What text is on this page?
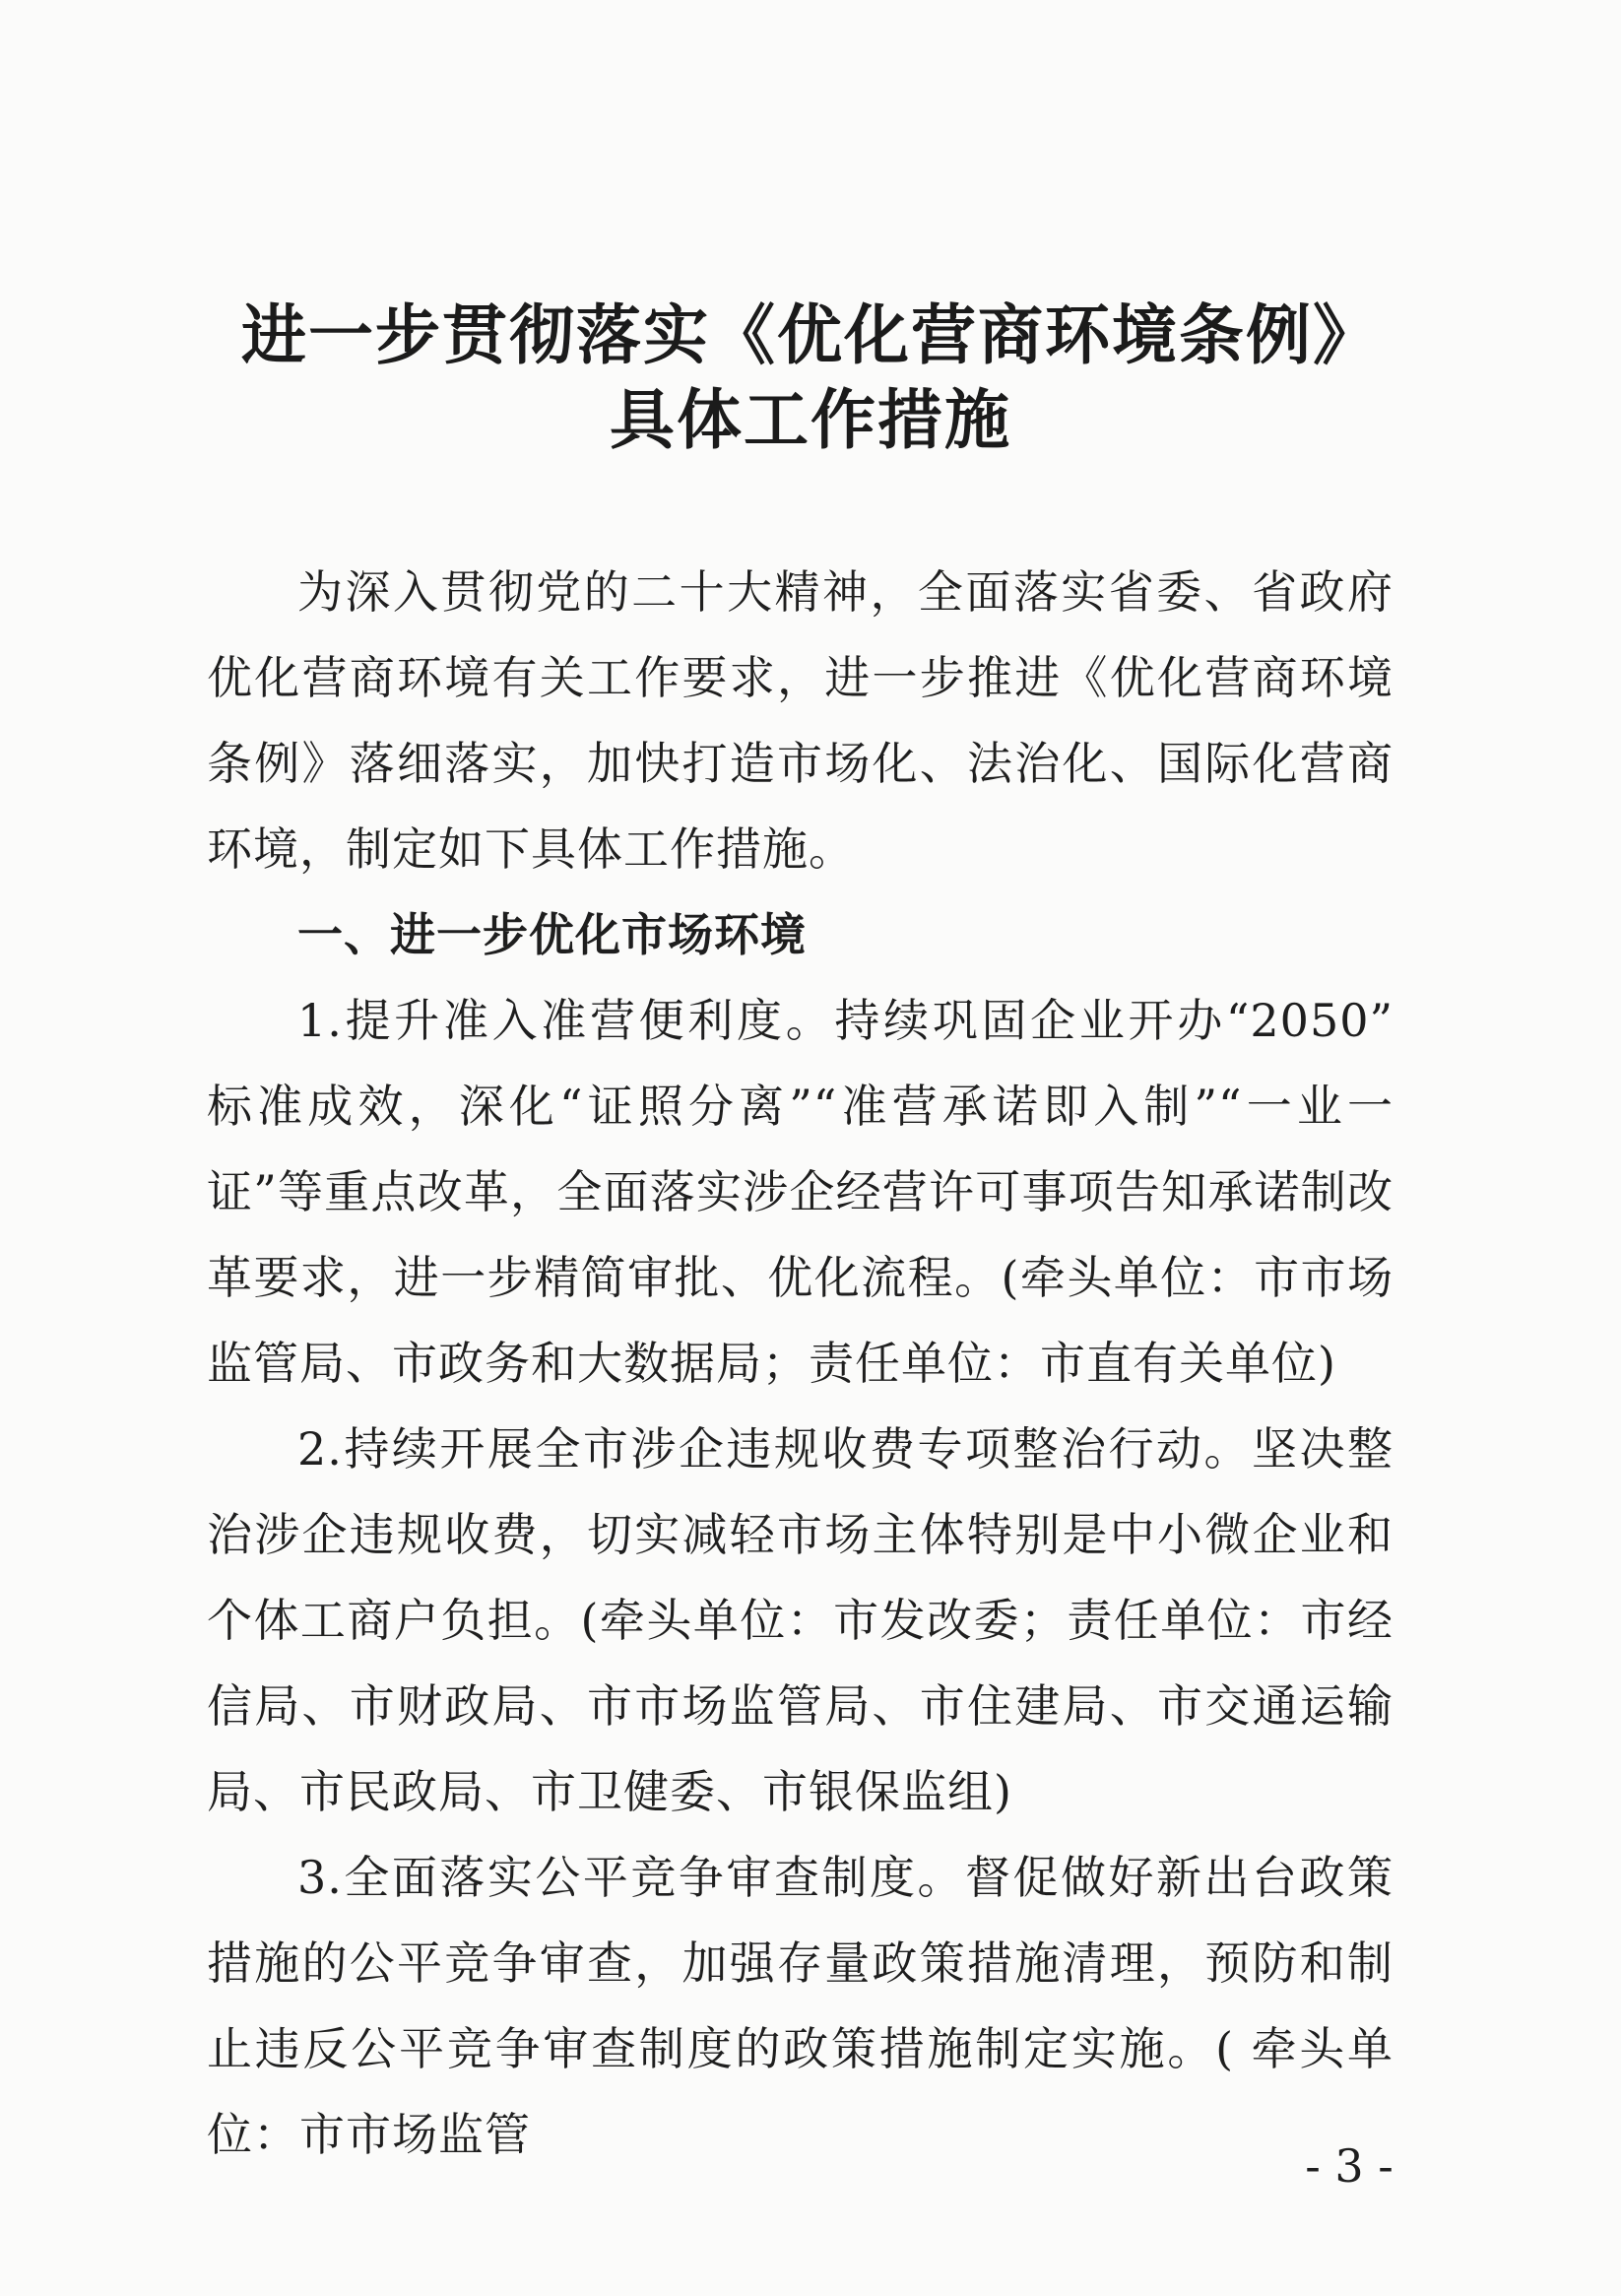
进一步贯彻落实《优化营商环境条例》
具体工作措施

为深入贯彻党的二十大精神，全面落实省委、省政府优化营商环境有关工作要求，进一步推进《优化营商环境条例》落细落实，加快打造市场化、法治化、国际化营商环境，制定如下具体工作措施。

一、进一步优化市场环境

1.提升准入准营便利度。持续巩固企业开办“2050” 标准成效，深化“证照分离”“准营承诺即入制”“一业一证”等重点改革，全面落实涉企经营许可事项告知承诺制改革要求，进一步精简审批、优化流程。(牵头单位：市市场监管局、市政务和大数据局；责任单位：市直有关单位)

2.持续开展全市涉企违规收费专项整治行动。坚决整治涉企违规收费，切实减轻市场主体特别是中小微企业和个体工商户负担。(牵头单位：市发改委；责任单位：市经信局、市财政局、市市场监管局、市住建局、市交通运输局、市民政局、市卫健委、市银保监组)

3.全面落实公平竞争审查制度。督促做好新出台政策措施的公平竞争审查，加强存量政策措施清理，预防和制止违反公平竞争审查制度的政策措施制定实施。( 牵头单位：市市场监管

- 3 -
